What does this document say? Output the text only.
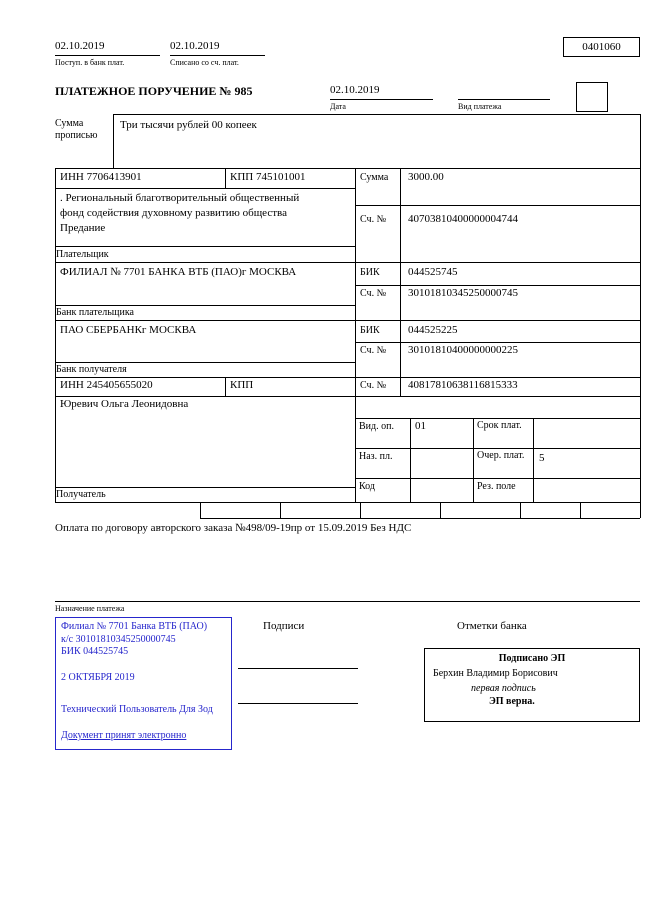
02.10.2019
Поступ. в банк плат.
02.10.2019
Списано со сч. плат.
0401060
ПЛАТЕЖНОЕ ПОРУЧЕНИЕ № 985	02.10.2019
Дата	Вид платежа
Сумма
прописью
Три тысячи рублей 00 копеек
ИНН 7706413901	КПП 745101001	Сумма 3000.00
. Региональный благотворительный общественный фонд содействия духовному развитию общества Предание
Сч. № 40703810400000004744
Плательщик
ФИЛИАЛ № 7701 БАНКА ВТБ (ПАО)г МОСКВА	БИК	044525745
Сч. № 30101810345250000745
Банк плательщика
ПАО СБЕРБАНКг МОСКВА	БИК	044525225
Сч. № 30101810400000000225
Банк получателя
ИНН 245405655020	КПП	Сч. № 40817810638116815333
Юревич Ольга Леонидовна
Получатель
Вид. оп. 01	Срок плат.
Наз. пл.	Очер. плат. 5
Код	Рез. поле
Оплата по договору авторского заказа №498/09-19пр от 15.09.2019 Без НДС
Назначение платежа
Подписи	Отметки банка
Филиал № 7701 Банка ВТБ (ПАО)
к/с 30101810345250000745
БИК 044525745
2 ОКТЯБРЯ 2019
Технический Пользователь Для Зод
Документ принят электронно
Подписано ЭП
Берхин Владимир Борисович
первая подпись
ЭП верна.
